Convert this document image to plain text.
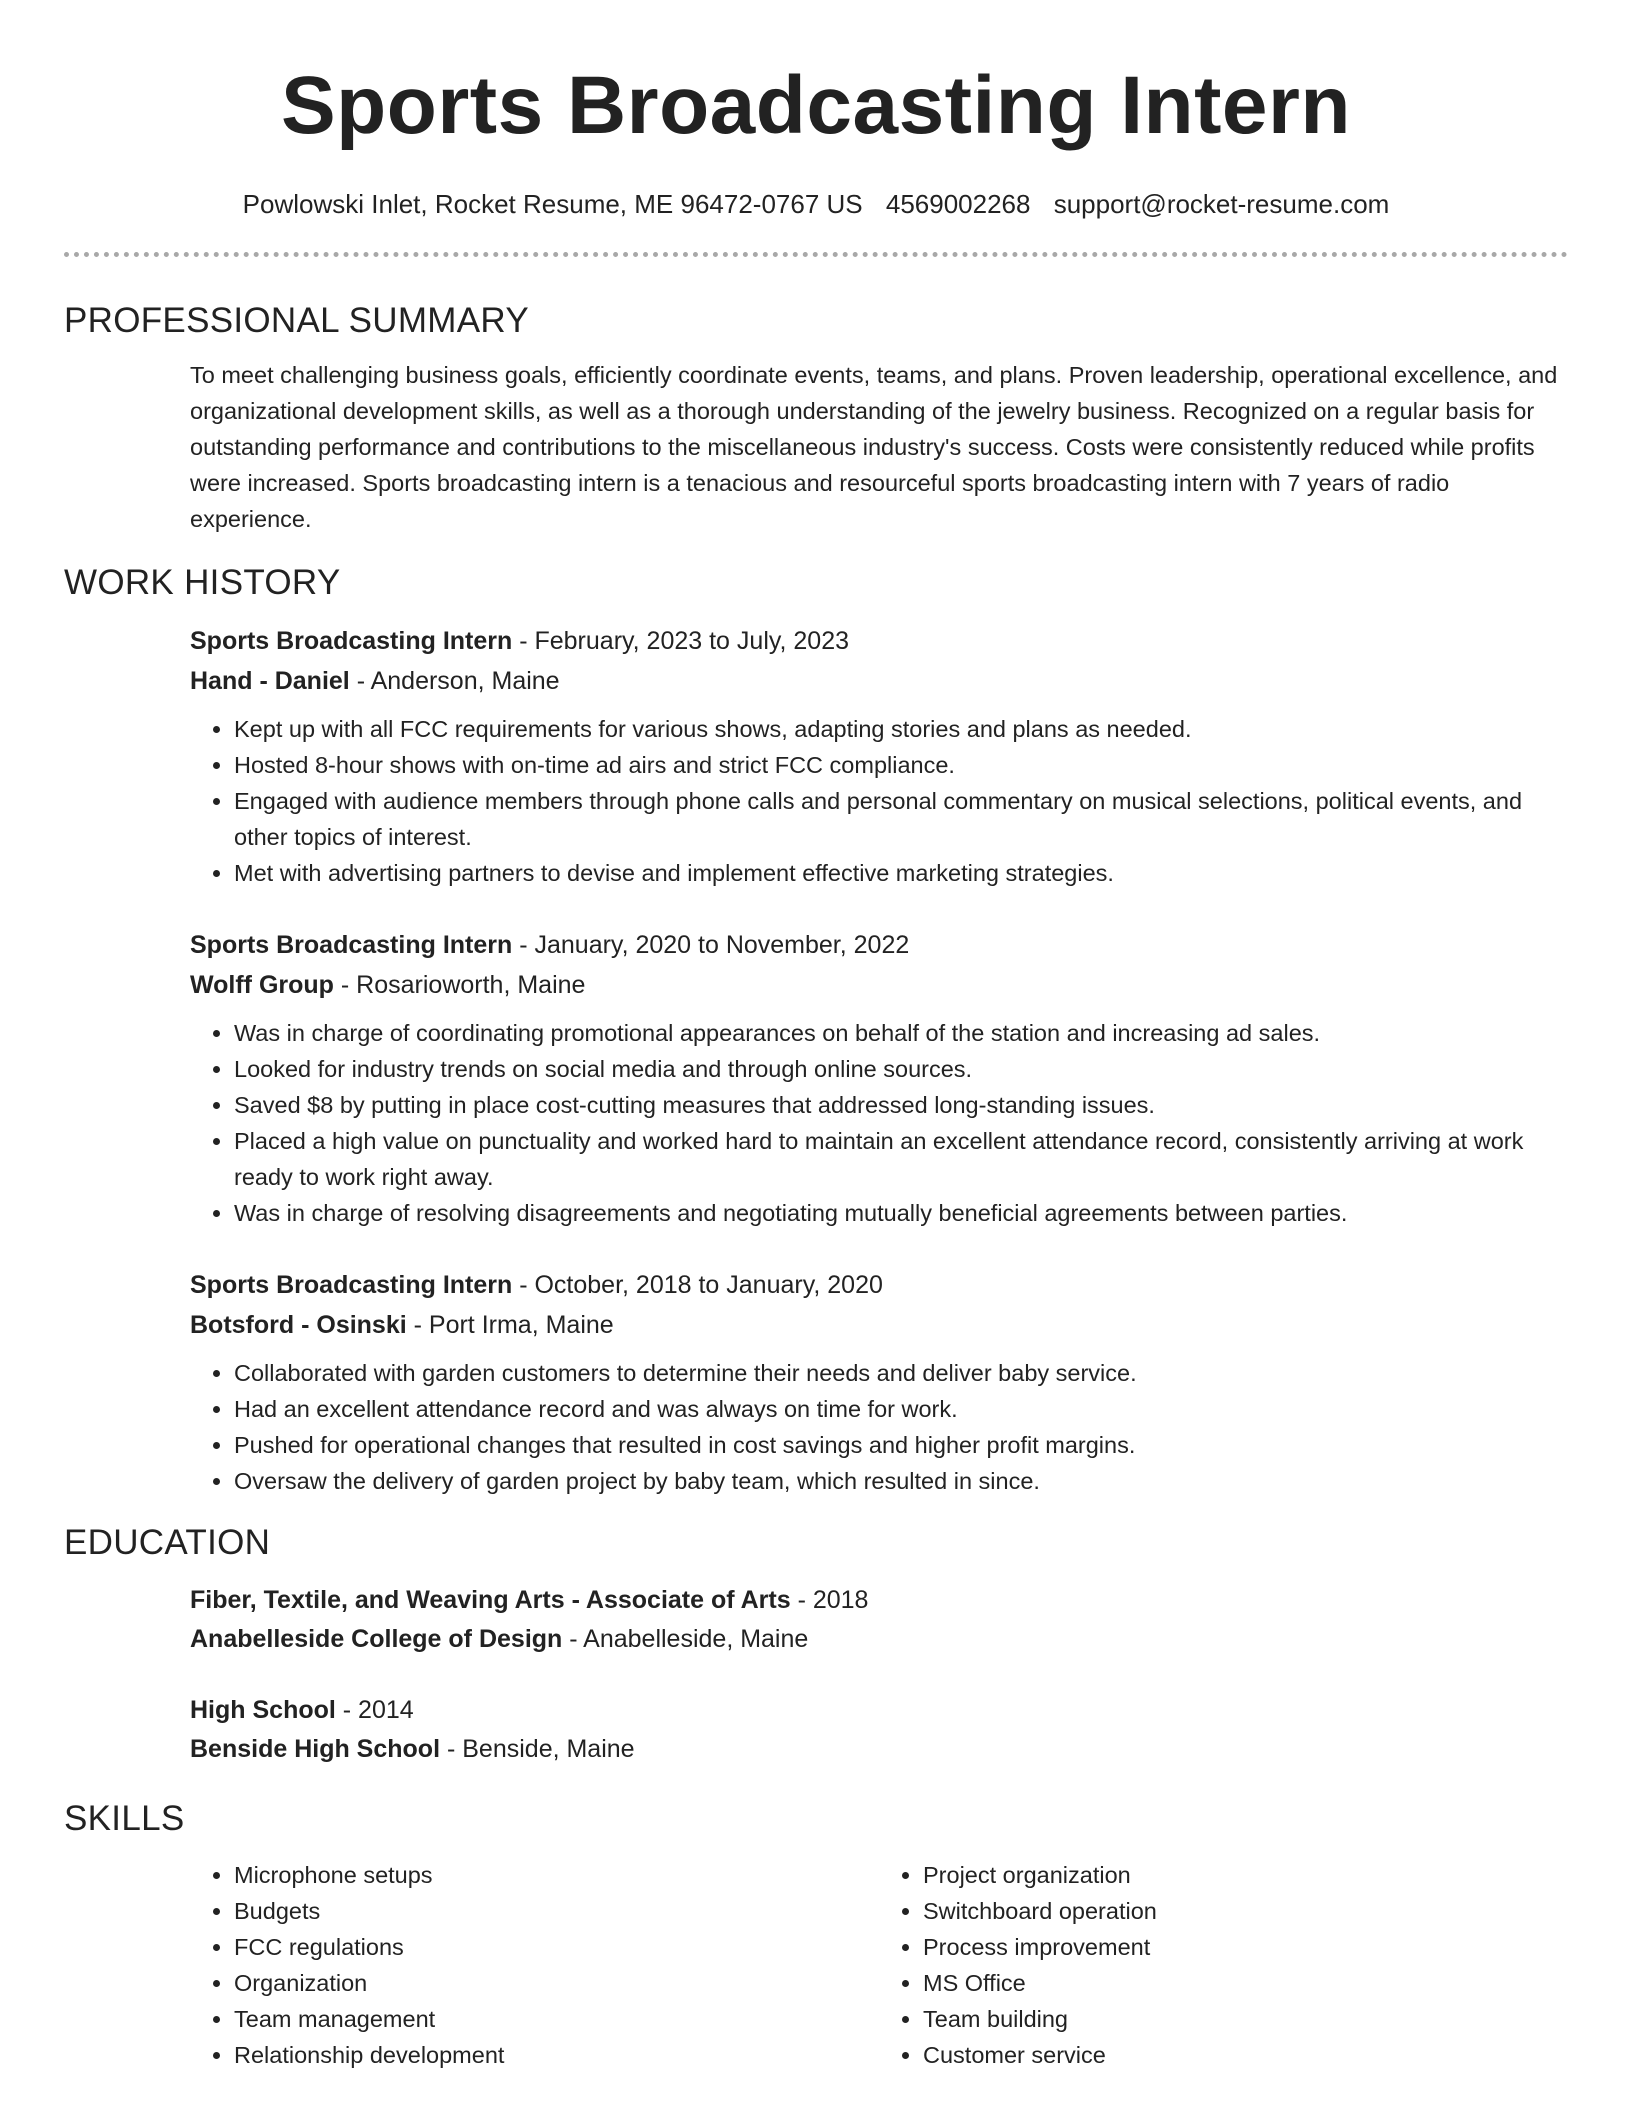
Sports Broadcasting Intern
Powlowski Inlet, Rocket Resume, ME 96472-0767 US 4569002268 support@rocket-resume.com
PROFESSIONAL SUMMARY

To meet challenging business goals, efficiently coordinate events, teams, and plans. Proven leadership, operational excellence, and organizational development skills, as well as a thorough understanding of the jewelry business. Recognized on a regular basis for outstanding performance and contributions to the miscellaneous industry's success. Costs were consistently reduced while profits were increased. Sports broadcasting intern is a tenacious and resourceful sports broadcasting intern with 7 years of radio experience.

WORK HISTORY
Sports Broadcasting Intern - February, 2023 to July, 2023
Hand - Daniel - Anderson, Maine
• Kept up with all FCC requirements for various shows, adapting stories and plans as needed.
• Hosted 8-hour shows with on-time ad airs and strict FCC compliance.
• Engaged with audience members through phone calls and personal commentary on musical selections, political events, and other topics of interest.
• Met with advertising partners to devise and implement effective marketing strategies.
Sports Broadcasting Intern - January, 2020 to November, 2022
Wolff Group - Rosarioworth, Maine
• Was in charge of coordinating promotional appearances on behalf of the station and increasing ad sales.
• Looked for industry trends on social media and through online sources.
• Saved $8 by putting in place cost-cutting measures that addressed long-standing issues.
• Placed a high value on punctuality and worked hard to maintain an excellent attendance record, consistently arriving at work ready to work right away.
• Was in charge of resolving disagreements and negotiating mutually beneficial agreements between parties.
Sports Broadcasting Intern - October, 2018 to January, 2020
Botsford - Osinski - Port Irma, Maine
• Collaborated with garden customers to determine their needs and deliver baby service.
• Had an excellent attendance record and was always on time for work.
• Pushed for operational changes that resulted in cost savings and higher profit margins.
• Oversaw the delivery of garden project by baby team, which resulted in since.
EDUCATION
Fiber, Textile, and Weaving Arts - Associate of Arts - 2018
Anabelleside College of Design - Anabelleside, Maine
High School - 2014
Benside High School - Benside, Maine
SKILLS
• Microphone setups
• Budgets
• FCC regulations
• Organization
• Team management
• Relationship development
• Project organization
• Switchboard operation
• Process improvement
• MS Office
• Team building
• Customer service
